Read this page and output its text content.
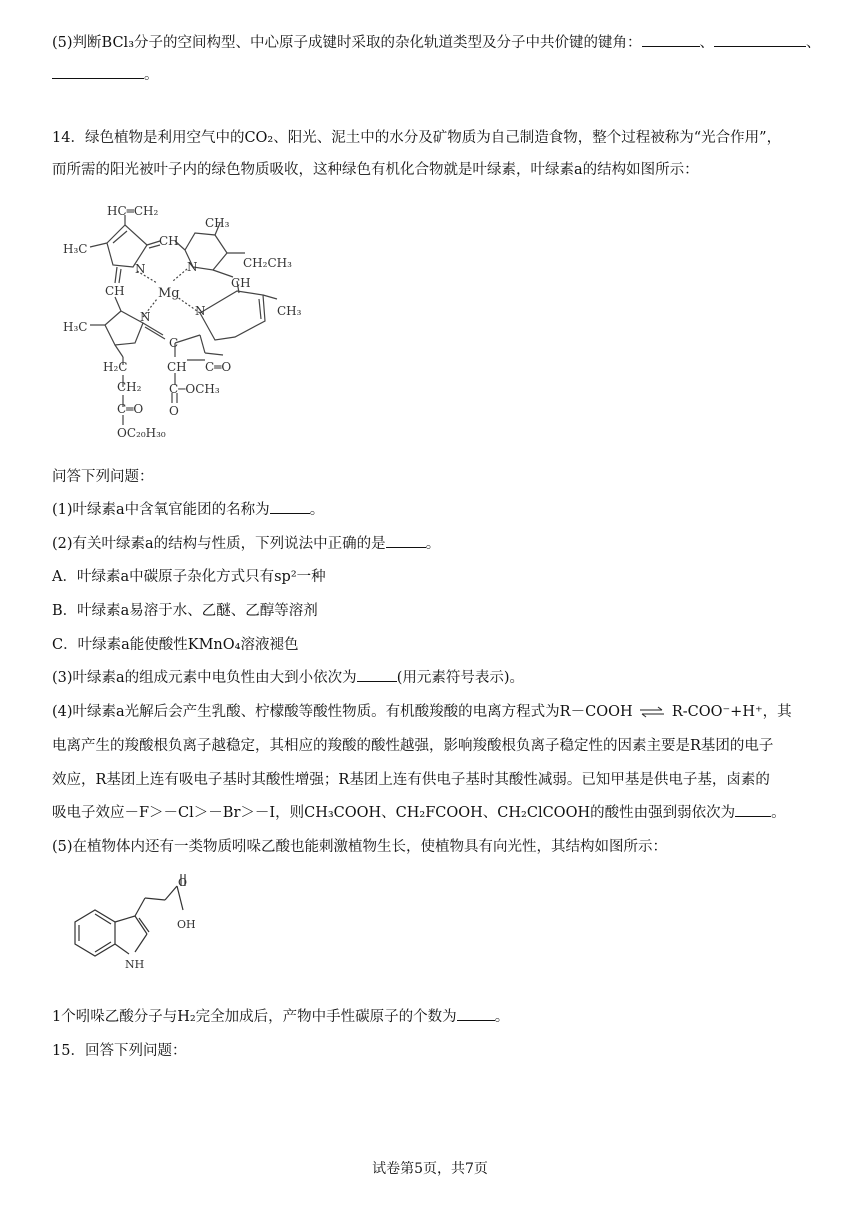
(5)判断BCl₃分子的空间构型、中心原子成键时采取的杂化轨道类型及分子中共价键的键角：	、	、
。
14．绿色植物是利用空气中的CO₂、阳光、泥土中的水分及矿物质为自己制造食物，整个过程被称为“光合作用”，
而所需的阳光被叶子内的绿色物质吸收，这种绿色有机化合物就是叶绿素，叶绿素a的结构如图所示：
HC═CH₂
CH₃
H₃C
CH
N	N
Mg
CH₂CH₃
CH
CH
CH₃
H₃C
N	N
C
H₂C
CH₂
CH C═O
C─OCH₃
O
C═O
OC₂₀H₃₀
问答下列问题：
(1)叶绿素a中含氧官能团的名称为	。
(2)有关叶绿素a的结构与性质，下列说法中正确的是	。
A．叶绿素a中碳原子杂化方式只有sp²一种
B．叶绿素a易溶于水、乙醚、乙醇等溶剂
C．叶绿素a能使酸性KMnO₄溶液褪色
(3)叶绿素a的组成元素中电负性由大到小依次为	(用元素符号表示)。
(4)叶绿素a光解后会产生乳酸、柠檬酸等酸性物质。有机酸羧酸的电离方程式为R－COOH ⇌ R-COO⁻+H⁺，其
电离产生的羧酸根负离子越稳定，其相应的羧酸的酸性越强，影响羧酸根负离子稳定性的因素主要是R基团的电子
效应，R基团上连有吸电子基时其酸性增强；R基团上连有供电子基时其酸性减弱。已知甲基是供电子基，卤素的
吸电子效应－F＞－Cl＞－Br＞－I，则CH₃COOH、CH₂FCOOH、CH₂ClCOOH的酸性由强到弱依次为 。
(5)在植物体内还有一类物质吲哚乙酸也能刺激植物生长，使植物具有向光性，其结构如图所示：
O
OH
NH
1个吲哚乙酸分子与H₂完全加成后，产物中手性碳原子的个数为	。
15．回答下列问题：
试卷第5页，共7页
